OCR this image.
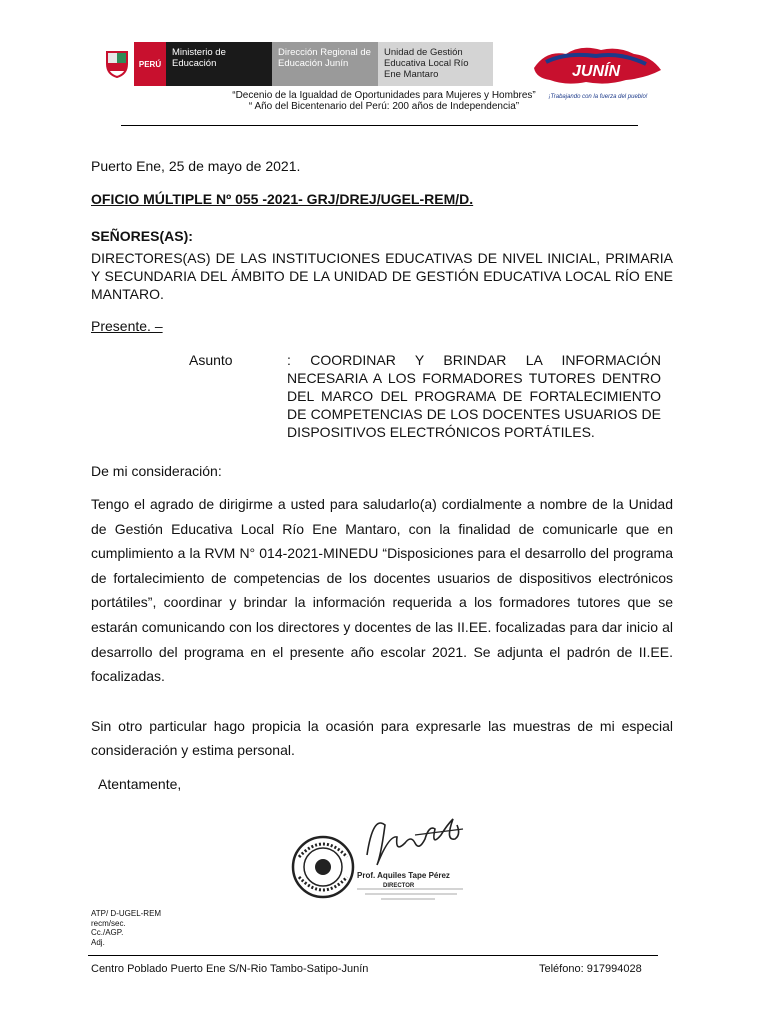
PERÚ
Ministerio de Educación
Dirección Regional de Educación Junín
Unidad de Gestión Educativa Local Río Ene Mantaro	JUNÍN
¡Trabajando con la fuerza del pueblo!
“Decenio de la Igualdad de Oportunidades para Mujeres y Hombres”
“ Año del Bicentenario del Perú: 200 años de Independencia”
Puerto Ene, 25 de mayo de 2021.
OFICIO MÚLTIPLE Nº 055 -2021- GRJ/DREJ/UGEL-REM/D.
SEÑORES(AS):
DIRECTORES(AS) DE LAS INSTITUCIONES EDUCATIVAS DE NIVEL INICIAL, PRIMARIA Y SECUNDARIA DEL ÁMBITO DE LA UNIDAD DE GESTIÓN EDUCATIVA LOCAL RÍO ENE MANTARO.
Presente. –
Asunto	: COORDINAR Y BRINDAR LA INFORMACIÓN NECESARIA A LOS FORMADORES TUTORES DENTRO DEL MARCO DEL PROGRAMA DE FORTALECIMIENTO DE COMPETENCIAS DE LOS DOCENTES USUARIOS DE DISPOSITIVOS ELECTRÓNICOS PORTÁTILES.
De mi consideración:
Tengo el agrado de dirigirme a usted para saludarlo(a) cordialmente a nombre de la Unidad de Gestión Educativa Local Río Ene Mantaro, con la finalidad de comunicarle que en cumplimiento a la RVM N° 014-2021-MINEDU “Disposiciones para el desarrollo del programa de fortalecimiento de competencias de los docentes usuarios de dispositivos electrónicos portátiles”, coordinar y brindar la información requerida a los formadores tutores que se estarán comunicando con los directores y docentes de las II.EE. focalizadas para dar inicio al desarrollo del programa en el presente año escolar 2021. Se adjunta el padrón de II.EE. focalizadas.
Sin otro particular hago propicia la ocasión para expresarle las muestras de mi especial consideración y estima personal.
Atentamente,
Prof. Aquiles Tape Pérez
DIRECTOR
ATP/ D-UGEL-REM
recm/sec.
Cc./AGP.
Adj.
Centro Poblado Puerto Ene S/N-Rio Tambo-Satipo-Junín	Teléfono: 917994028
